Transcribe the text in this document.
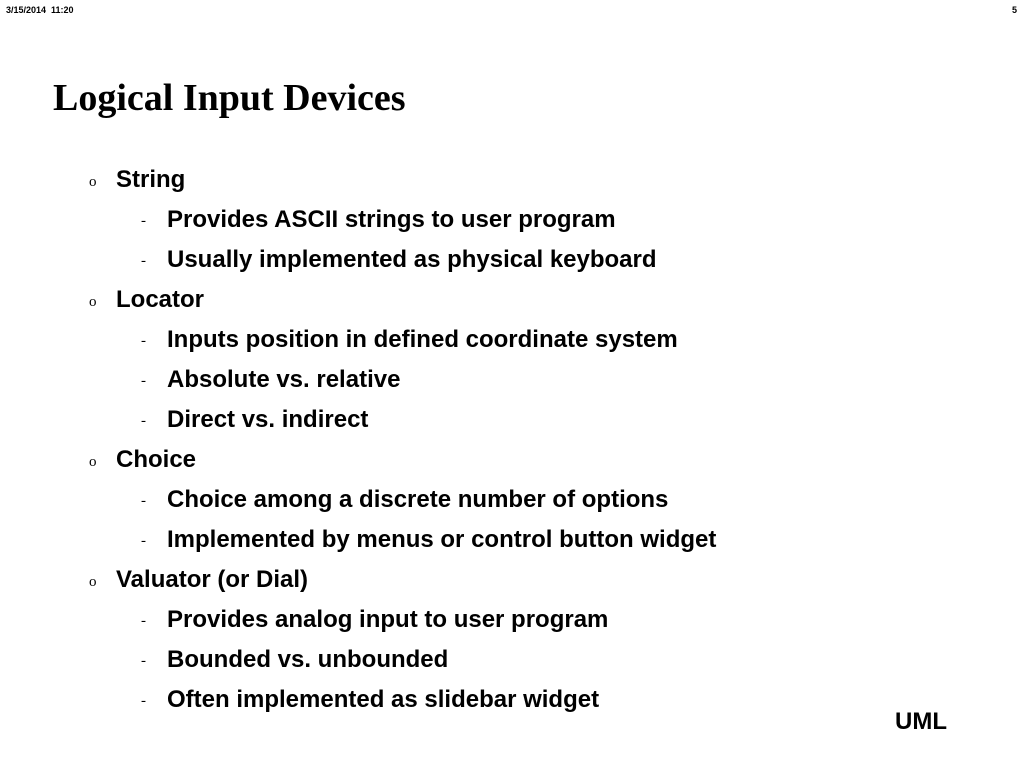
3/15/2014  11:20	5
Logical Input Devices
o String
- Provides ASCII strings to user program
- Usually implemented as physical keyboard
o Locator
- Inputs position in defined coordinate system
- Absolute vs. relative
- Direct vs. indirect
o Choice
- Choice among a discrete number of options
- Implemented by menus or control button widget
o Valuator (or Dial)
- Provides analog input to user program
- Bounded vs. unbounded
- Often implemented as slidebar widget
UML
